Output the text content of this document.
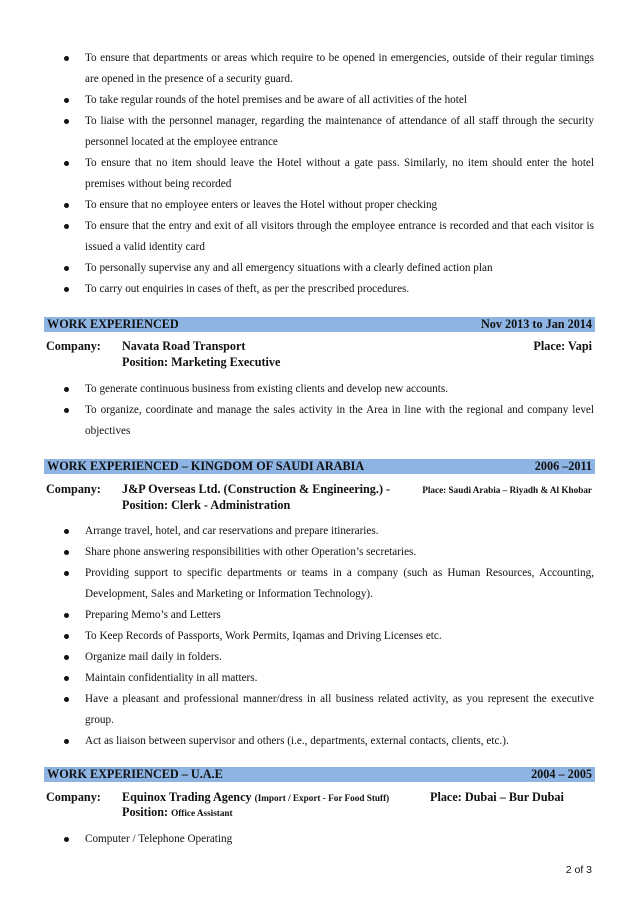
To ensure that departments or areas which require to be opened in emergencies, outside of their regular timings are opened in the presence of a security guard.
To take regular rounds of the hotel premises and be aware of all activities of the hotel
To liaise with the personnel manager, regarding the maintenance of attendance of all staff through the security personnel located at the employee entrance
To ensure that no item should leave the Hotel without a gate pass. Similarly, no item should enter the hotel premises without being recorded
To ensure that no employee enters or leaves the Hotel without proper checking
To ensure that the entry and exit of all visitors through the employee entrance is recorded and that each visitor is issued a valid identity card
To personally supervise any and all emergency situations with a clearly defined action plan
To carry out enquiries in cases of theft, as per the prescribed procedures.
WORK EXPERIENCED	Nov 2013 to Jan 2014
Company: Navata Road Transport	Place: Vapi
Position: Marketing Executive
To generate continuous business from existing clients and develop new accounts.
To organize, coordinate and manage the sales activity in the Area in line with the regional and company level objectives
WORK EXPERIENCED – KINGDOM OF SAUDI ARABIA	2006 –2011
Company: J&P Overseas Ltd. (Construction & Engineering.) -	Place: Saudi Arabia – Riyadh & Al Khobar
Position: Clerk - Administration
Arrange travel, hotel, and car reservations and prepare itineraries.
Share phone answering responsibilities with other Operation’s secretaries.
Providing support to specific departments or teams in a company (such as Human Resources, Accounting, Development, Sales and Marketing or Information Technology).
Preparing Memo’s and Letters
To Keep Records of Passports, Work Permits, Iqamas and Driving Licenses etc.
Organize mail daily in folders.
Maintain confidentiality in all matters.
Have a pleasant and professional manner/dress in all business related activity, as you represent the executive group.
Act as liaison between supervisor and others (i.e., departments, external contacts, clients, etc.).
WORK EXPERIENCED – U.A.E	2004 – 2005
Company: Equinox Trading Agency (Import / Export - For Food Stuff)	Place: Dubai – Bur Dubai
Position: Office Assistant
Computer / Telephone Operating
2 of 3
